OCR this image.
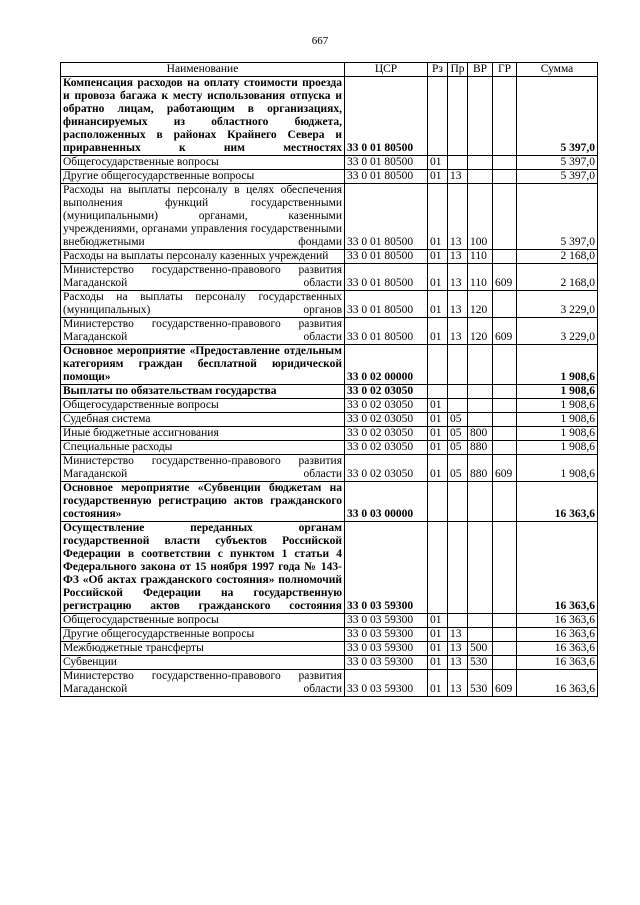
667
Наименование	ЦСР	Рз	Пр	ВР	ГР	Сумма
Компенсация расходов на оплату стоимости проезда и провоза багажа к месту использования отпуска и обратно лицам, работающим в организациях, финансируемых из областного бюджета, расположенных в районах Крайнего Севера и приравненных к ним местностях	33 0 01 80500					5 397,0
Общегосударственные вопросы	33 0 01 80500	01				5 397,0
Другие общегосударственные вопросы	33 0 01 80500	01	13			5 397,0
Расходы на выплаты персоналу в целях обеспечения выполнения функций государственными (муниципальными) органами, казенными учреждениями, органами управления государственными внебюджетными фондами	33 0 01 80500	01	13	100		5 397,0
Расходы на выплаты персоналу казенных учреждений	33 0 01 80500	01	13	110		2 168,0
Министерство государственно-правового развития Магаданской области	33 0 01 80500	01	13	110	609	2 168,0
Расходы на выплаты персоналу государственных (муниципальных) органов	33 0 01 80500	01	13	120		3 229,0
Министерство государственно-правового развития Магаданской области	33 0 01 80500	01	13	120	609	3 229,0
Основное мероприятие «Предоставление отдельным категориям граждан бесплатной юридической помощи»	33 0 02 00000					1 908,6
Выплаты по обязательствам государства	33 0 02 03050					1 908,6
Общегосударственные вопросы	33 0 02 03050	01				1 908,6
Судебная система	33 0 02 03050	01	05			1 908,6
Иные бюджетные ассигнования	33 0 02 03050	01	05	800		1 908,6
Специальные расходы	33 0 02 03050	01	05	880		1 908,6
Министерство государственно-правового развития Магаданской области	33 0 02 03050	01	05	880	609	1 908,6
Основное мероприятие «Субвенции бюджетам на государственную регистрацию актов гражданского состояния»	33 0 03 00000					16 363,6
Осуществление переданных органам государственной власти субъектов Российской Федерации в соответствии с пунктом 1 статьи 4 Федерального закона от 15 ноября 1997 года № 143-ФЗ «Об актах гражданского состояния» полномочий Российской Федерации на государственную регистрацию актов гражданского состояния	33 0 03 59300					16 363,6
Общегосударственные вопросы	33 0 03 59300	01				16 363,6
Другие общегосударственные вопросы	33 0 03 59300	01	13			16 363,6
Межбюджетные трансферты	33 0 03 59300	01	13	500		16 363,6
Субвенции	33 0 03 59300	01	13	530		16 363,6
Министерство государственно-правового развития Магаданской области	33 0 03 59300	01	13	530	609	16 363,6
